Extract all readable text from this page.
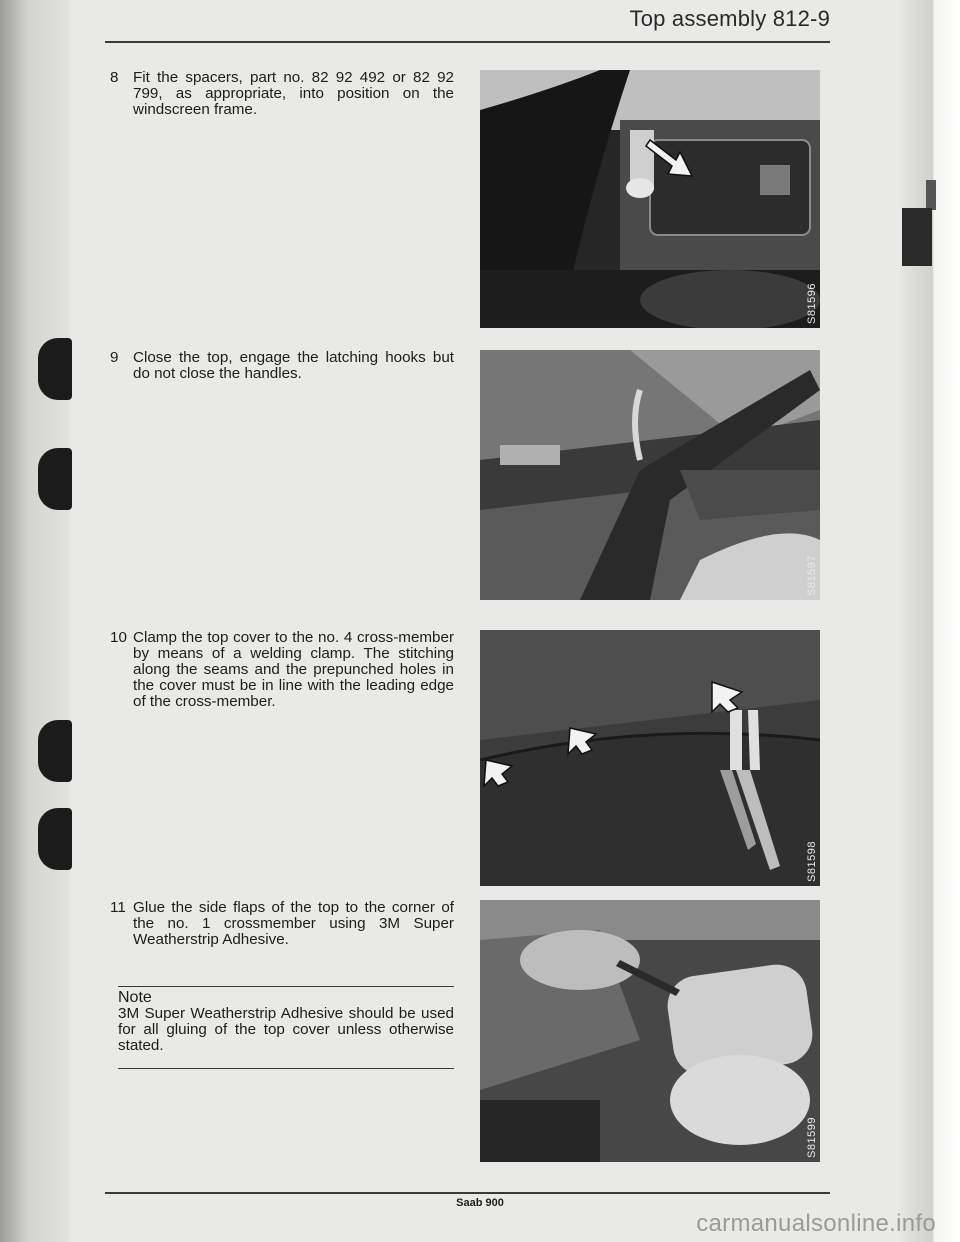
Top assembly 812-9
8 Fit the spacers, part no. 82 92 492 or 82 92 799, as appropriate, into position on the windscreen frame.
9 Close the top, engage the latching hooks but do not close the handles.
10 Clamp the top cover to the no. 4 cross-member by means of a welding clamp. The stitching along the seams and the prepunched holes in the cover must be in line with the leading edge of the cross-member.
11 Glue the side flaps of the top to the corner of the no. 1 crossmember using 3M Super Weatherstrip Adhesive.
Note
3M Super Weatherstrip Adhesive should be used for all gluing of the top cover unless otherwise stated.
S81596
S81597
S81598
S81599
Saab 900
carmanualsonline.info
